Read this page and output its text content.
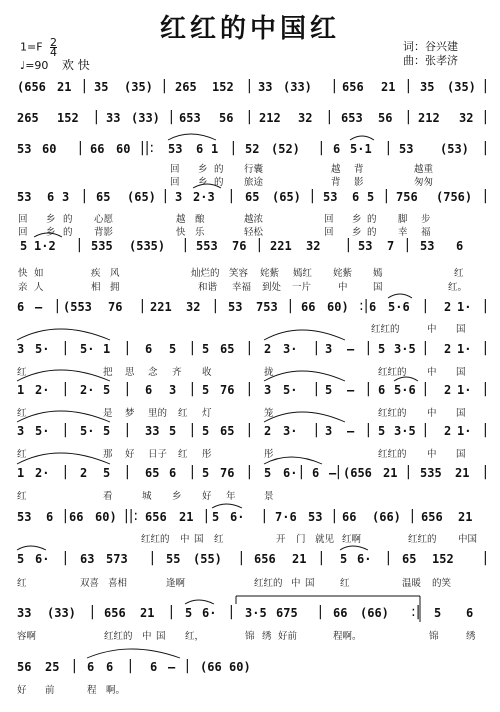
红红的中国红
$1=F \frac{2}{4}$
♩=90 欢 快
词：谷兴建
曲：张孝济
(656 21 | 35 (35) | 265 152 | 33 (33) | 656 21 | 35 (35) |
265 152 | 33 (33) | 653 56 | 212 32 | 653 56 | 212 32 |
53 60 | 66 60 ||: 53 6 1 | 52 (52) | 6 5·1 | 53 (53) |
53 6 3 | 65 (65) | 3 2·3 | 65 (65) | 53 6 5 | 756 (756) |
5 1·2 | 535 (535) | 553 76 | 221 32 | 53 7 | 53 6
6 – | (553 76 | 221 32 | 53 753 | 66 60) :| 6 5·6 | 2 1· |
3 5· | 5· 1 | 6 5 | 5 65 | 2 3· | 3 – | 5 3·5 | 2 1· |
1 2· | 2· 5 | 6 3 | 5 76 | 3 5· | 5 – | 6 5·6 | 2 1· |
3 5· | 5· 5 | 33 5 | 5 65 | 2 3· | 3 – | 5 3·5 | 2 1· |
1 2· | 2 5 | 65 6 | 5 76 | 5 6· | 6 – | (656 21 | 535 21 |
53 6 | 66 60) ||: 656 21 | 5 6· | 7·6 53 | 66 (66) | 656 21
5 6· | 63 573 | 55 (55) | 656 21 | 5 6· | 65 152 |
33 (33) | 656 21 | 5 6· | 3·5 675 | 66 (66) :| 5 6
56 25 | 6 6 | 6 – | (66 60)
回 乡 的 行囊	越 背	越重
回 乡 的 旅途	背 影	匆匆
回 乡 的 心愿	越 酿	越浓	回 乡 的 脚 步
回 乡 的 背影	快 乐	轻松	回 乡 的 幸 福
快 如	疾 风	灿烂的 笑容 姹紫 嫣红 姹紫 嫣	红
亲 人	相 拥	和谐 幸福 到处 一片	中	国	红。
红红的	中 国
红	把 思 念 齐 收	拢	红红的 中 国
红	是 梦 里的 红 灯	笼	红红的 中 国
红	那 好 日子 红 彤	彤	红红的 中 国
红	看	城 乡 好 年	景
红红的 中 国 红	开 门 就见 红啊	红红的 中国
红	双喜 喜相	逢啊	红红的 中 国	红	温暖 的笑
容啊	红红的 中 国 红，	锦 绣 好前	程啊。	锦	绣
好 前	程 啊。
